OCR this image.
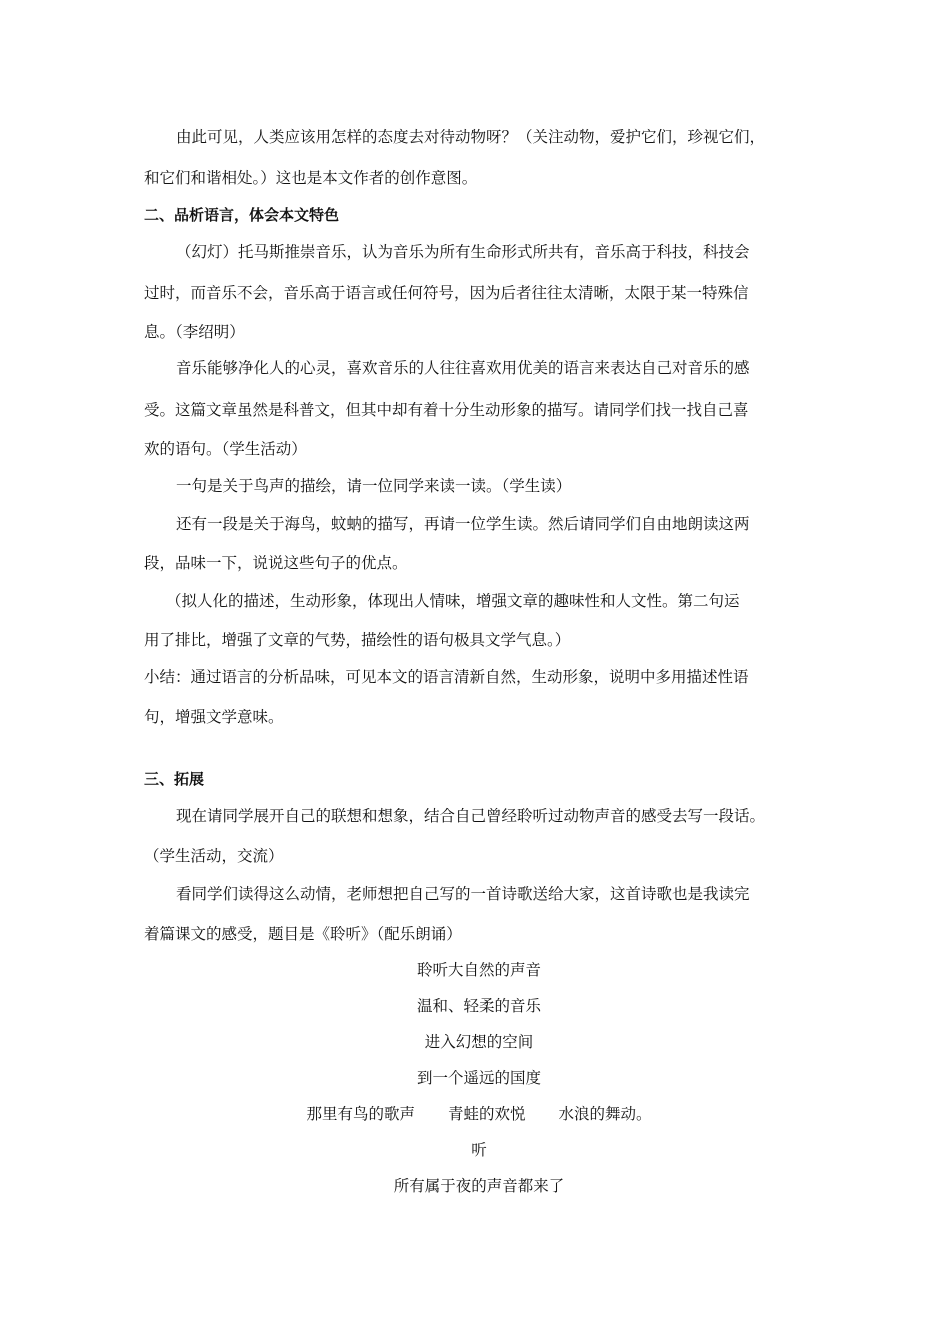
由此可见，人类应该用怎样的态度去对待动物呀？（关注动物，爱护它们，珍视它们，
和它们和谐相处。）这也是本文作者的创作意图。
二、品析语言，体会本文特色
（幻灯）托马斯推崇音乐，认为音乐为所有生命形式所共有，音乐高于科技，科技会
过时，而音乐不会，音乐高于语言或任何符号，因为后者往往太清晰，太限于某一特殊信
息。（李绍明）
音乐能够净化人的心灵，喜欢音乐的人往往喜欢用优美的语言来表达自己对音乐的感
受。这篇文章虽然是科普文，但其中却有着十分生动形象的描写。请同学们找一找自己喜
欢的语句。（学生活动）
一句是关于鸟声的描绘，请一位同学来读一读。（学生读）
还有一段是关于海鸟，蚊蚋的描写，再请一位学生读。然后请同学们自由地朗读这两
段，品味一下，说说这些句子的优点。
（拟人化的描述，生动形象，体现出人情味，增强文章的趣味性和人文性。第二句运
用了排比，增强了文章的气势，描绘性的语句极具文学气息。）
小结：通过语言的分析品味，可见本文的语言清新自然，生动形象，说明中多用描述性语
句，增强文学意味。
三、拓展
现在请同学展开自己的联想和想象，结合自己曾经聆听过动物声音的感受去写一段话。
（学生活动，交流）
看同学们读得这么动情，老师想把自己写的一首诗歌送给大家，这首诗歌也是我读完
着篇课文的感受，题目是《聆听》（配乐朗诵）
聆听大自然的声音
温和、轻柔的音乐
进入幻想的空间
到一个遥远的国度
那里有鸟的歌声 青蛙的欢悦 水浪的舞动。
听
所有属于夜的声音都来了
